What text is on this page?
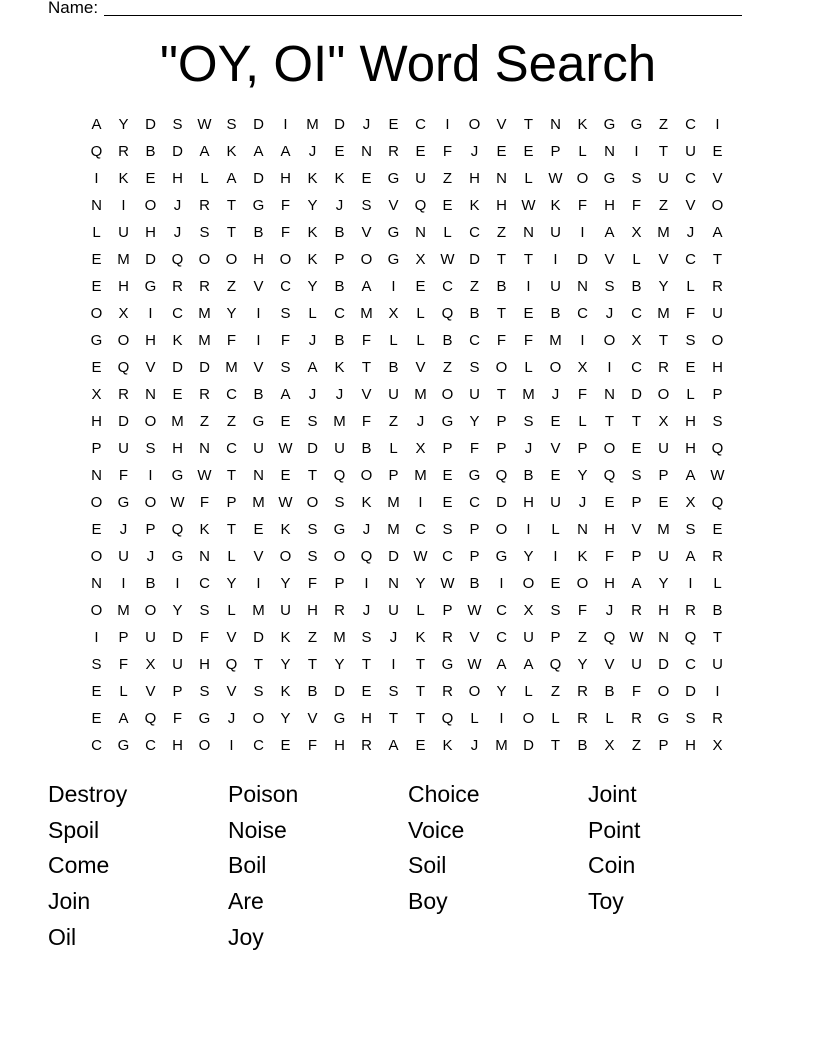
Name:
"OY, OI" Word Search
A	Y	D	S W S	D	I	M	D	J	E	C	I	O	V	T	N	K	G	G	Z	C	I
Q	R	B	D	A	K	A	A	J	E	N	R	E	F	J	E	E	P	L	N	I	T	U	E
I	K	E	H	L	A	D	H	K	K	E	G	U	Z	H	N	L	W O	G	S	U	C	V
N	I	O	J	R	T	G	F	Y	J	S	V	Q	E	K	H W K	F	H	F	Z	V	O
L	U	H	J	S	T	B	F	K	B	V	G	N	L	C	Z	N	U	I	A	X	M	J	A
E	M	D	Q	O	O	H	O	K	P	O	G	X W D	T	T	I	D	V	L	V	C	T
E	H	G	R	R	Z	V	C	Y	B	A	I	E	C	Z	B	I	U	N	S	B	Y	L	R
O	X	I	C	M	Y	I	S	L	C	M	X	L	Q	B	T	E	B	C	J	C	M	F	U
G	O	H	K	M	F	I	F	J	B	F	L	L	B	C	F	F	M	I	O	X	T	S	O
E	Q	V	D	D	M	V	S	A	K	T	B	V	Z	S	O	L	O	X	I	C	R	E	H
X	R	N	E	R	C	B	A	J	J	V	U	M O	U	T	M	J	F	N	D	O	L	P
H	D	O M	Z	Z	G	E	S	M	F	Z	J	G	Y	P	S	E	L	T	T	X	H	S
P	U	S	H	N	C	U W D	U	B	L	X	P	F	P	J	V	P	O	E	U	H	Q
N	F	I	G W	T	N	E	T	Q	O	P	M	E	G	Q	B	E	Y	Q	S	P	A W
O	G	O W	F	P	M W O	S	K	M	I	E	C	D	H	U	J	E	P	E	X	Q
E	J	P	Q	K	T	E	K	S	G	J	M	C	S	P	O	I	L	N	H	V	M	S	E
O	U	J	G	N	L	V	O	S	O	Q	D W C	P	G	Y	I	K	F	P	U	A	R
N	I	B	I	C	Y	I	Y	F	P	I	N	Y W B	I	O	E	O	H	A	Y	I	L
O M O	Y	S	L	M	U	H	R	J	U	L	P W C	X	S	F	J	R	H	R	B
I	P	U	D	F	V	D	K	Z	M	S	J	K	R	V	C	U	P	Z	Q W N	Q	T
S	F	X	U	H	Q	T	Y	T	Y	T	I	T	G W A	A	Q	Y	V	U	D	C	U
E	L	V	P	S	V	S	K	B	D	E	S	T	R	O	Y	L	Z	R	B	F	O	D	I
E	A	Q	F	G	J	O	Y	V	G	H	T	T	Q	L	I	O	L	R	L	R	G	S	R
C	G	C	H	O	I	C	E	F	H	R	A	E	K	J	M	D	T	B	X	Z	P	H	X
Destroy	Poison	Choice	Joint
Spoil	Noise	Voice	Point
Come	Boil	Soil	Coin
Join	Are	Boy	Toy
Oil	Joy
